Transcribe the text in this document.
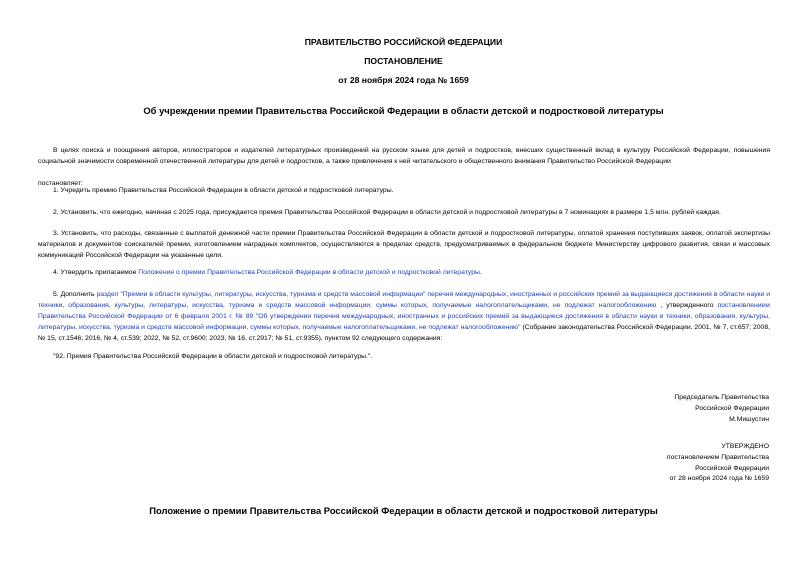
ПРАВИТЕЛЬСТВО РОССИЙСКОЙ ФЕДЕРАЦИИ
ПОСТАНОВЛЕНИЕ
от 28 ноября 2024 года № 1659
Об учреждении премии Правительства Российской Федерации в области детской и подростковой литературы
В целях поиска и поощрения авторов, иллюстраторов и издателей литературных произведений на русском языке для детей и подростков, внесших существенный вклад в культуру Российской Федерации, повышения социальной значимости современной отечественной литературы для детей и подростков, а также привлечения к ней читательского и общественного внимания Правительство Российской Федерации
постановляет:
1. Учредить премию Правительства Российской Федерации в области детской и подростковой литературы.
2. Установить, что ежегодно, начиная с 2025 года, присуждается премия Правительства Российской Федерации в области детской и подростковой литературы в 7 номинациях в размере 1,5 млн. рублей каждая.
3. Установить, что расходы, связанные с выплатой денежной части премии Правительства Российской Федерации в области детской и подростковой литературы, оплатой хранения поступивших заявок, оплатой экспертизы материалов и документов соискателей премии, изготовлением наградных комплектов, осуществляются в пределах средств, предусматриваемых в федеральном бюджете Министерству цифрового развития, связи и массовых коммуникаций Российской Федерации на указанные цели.
4. Утвердить прилагаемое Положение о премии Правительства Российской Федерации в области детской и подростковой литературы.
5. Дополнить раздел "Премии в области культуры, литературы, искусства, туризма и средств массовой информации" перечня международных, иностранных и российских премий за выдающиеся достижения в области науки и техники, образования, культуры, литературы, искусства, туризма и средств массовой информации, суммы которых, получаемые налогоплательщиками, не подлежат налогообложению , утвержденного постановлением Правительства Российской Федерации от 6 февраля 2001 г. № 89 "Об утверждении перечня международных, иностранных и российских премий за выдающиеся достижения в области науки и техники, образования, культуры, литературы, искусства, туризма и средств массовой информации, суммы которых, получаемые налогоплательщиками, не подлежат налогообложению" (Собрание законодательства Российской Федерации, 2001, № 7, ст.657; 2008, № 15, ст.1546; 2016, № 4, ст.539; 2022, № 52, ст.9600; 2023, № 16, ст.2917; № 51, ст.9355), пунктом 92 следующего содержания:
"92. Премия Правительства Российской Федерации в области детской и подростковой литературы.".
Председатель Правительства
Российской Федерации
М.Мишустин
УТВЕРЖДЕНО
постановлением Правительства
Российской Федерации
от 28 ноября 2024 года № 1659
Положение о премии Правительства Российской Федерации в области детской и подростковой литературы
